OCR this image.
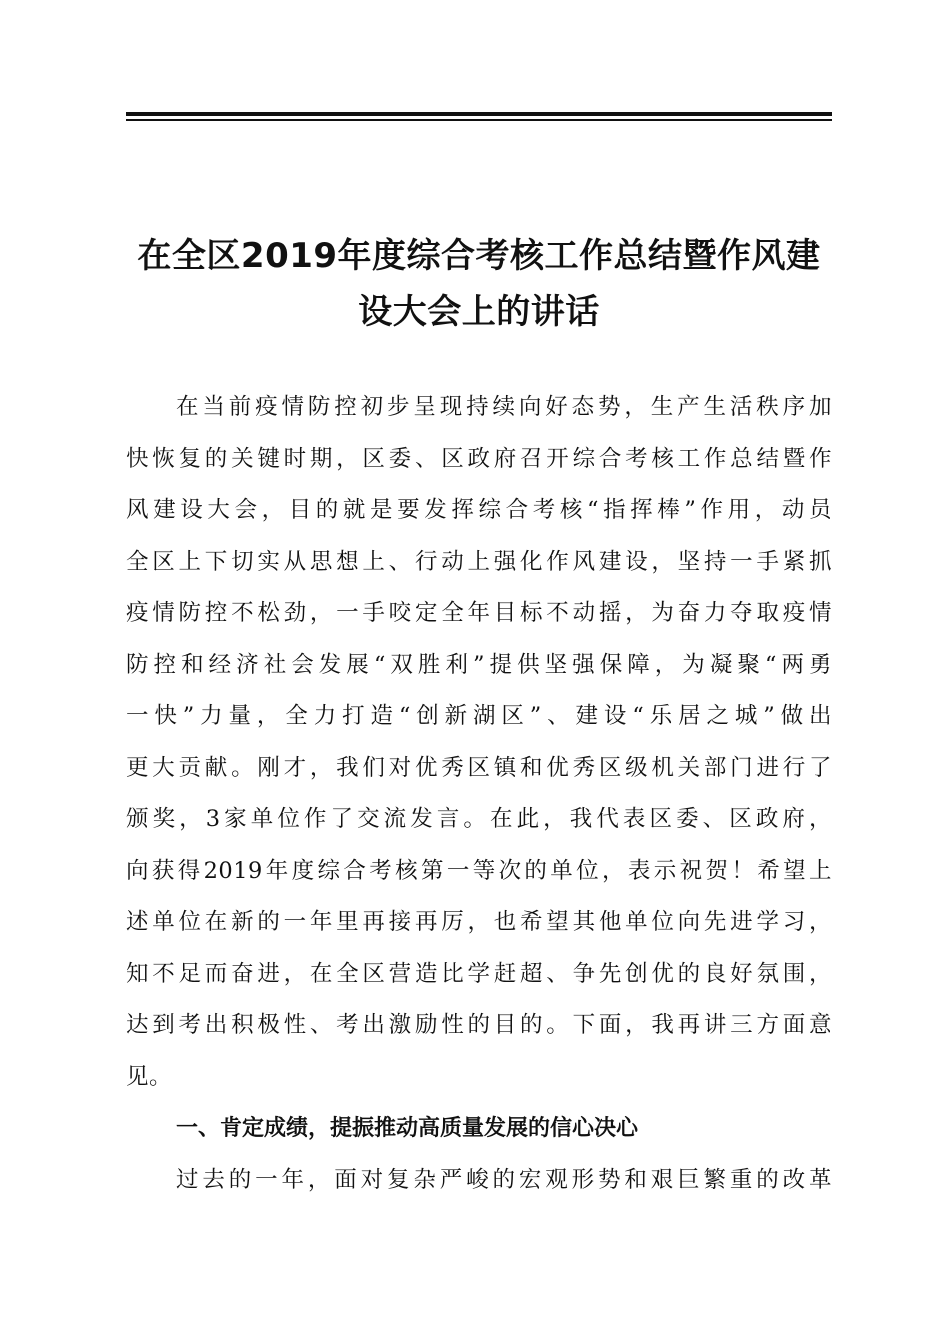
在全区2019年度综合考核工作总结暨作风建
设大会上的讲话
在当前疫情防控初步呈现持续向好态势，生产生活秩序加
快恢复的关键时期，区委、区政府召开综合考核工作总结暨作
风建设大会，目的就是要发挥综合考核“指挥棒”作用，动员
全区上下切实从思想上、行动上强化作风建设，坚持一手紧抓
疫情防控不松劲，一手咬定全年目标不动摇，为奋力夺取疫情
防控和经济社会发展“双胜利”提供坚强保障，为凝聚“两勇
一快”力量，全力打造“创新湖区”、建设“乐居之城”做出
更大贡献。刚才，我们对优秀区镇和优秀区级机关部门进行了
颁奖，3家单位作了交流发言。在此，我代表区委、区政府，
向获得2019年度综合考核第一等次的单位，表示祝贺！希望上
述单位在新的一年里再接再厉，也希望其他单位向先进学习，
知不足而奋进，在全区营造比学赶超、争先创优的良好氛围，
达到考出积极性、考出激励性的目的。下面，我再讲三方面意
见。
一、肯定成绩，提振推动高质量发展的信心决心
过去的一年，面对复杂严峻的宏观形势和艰巨繁重的改革
